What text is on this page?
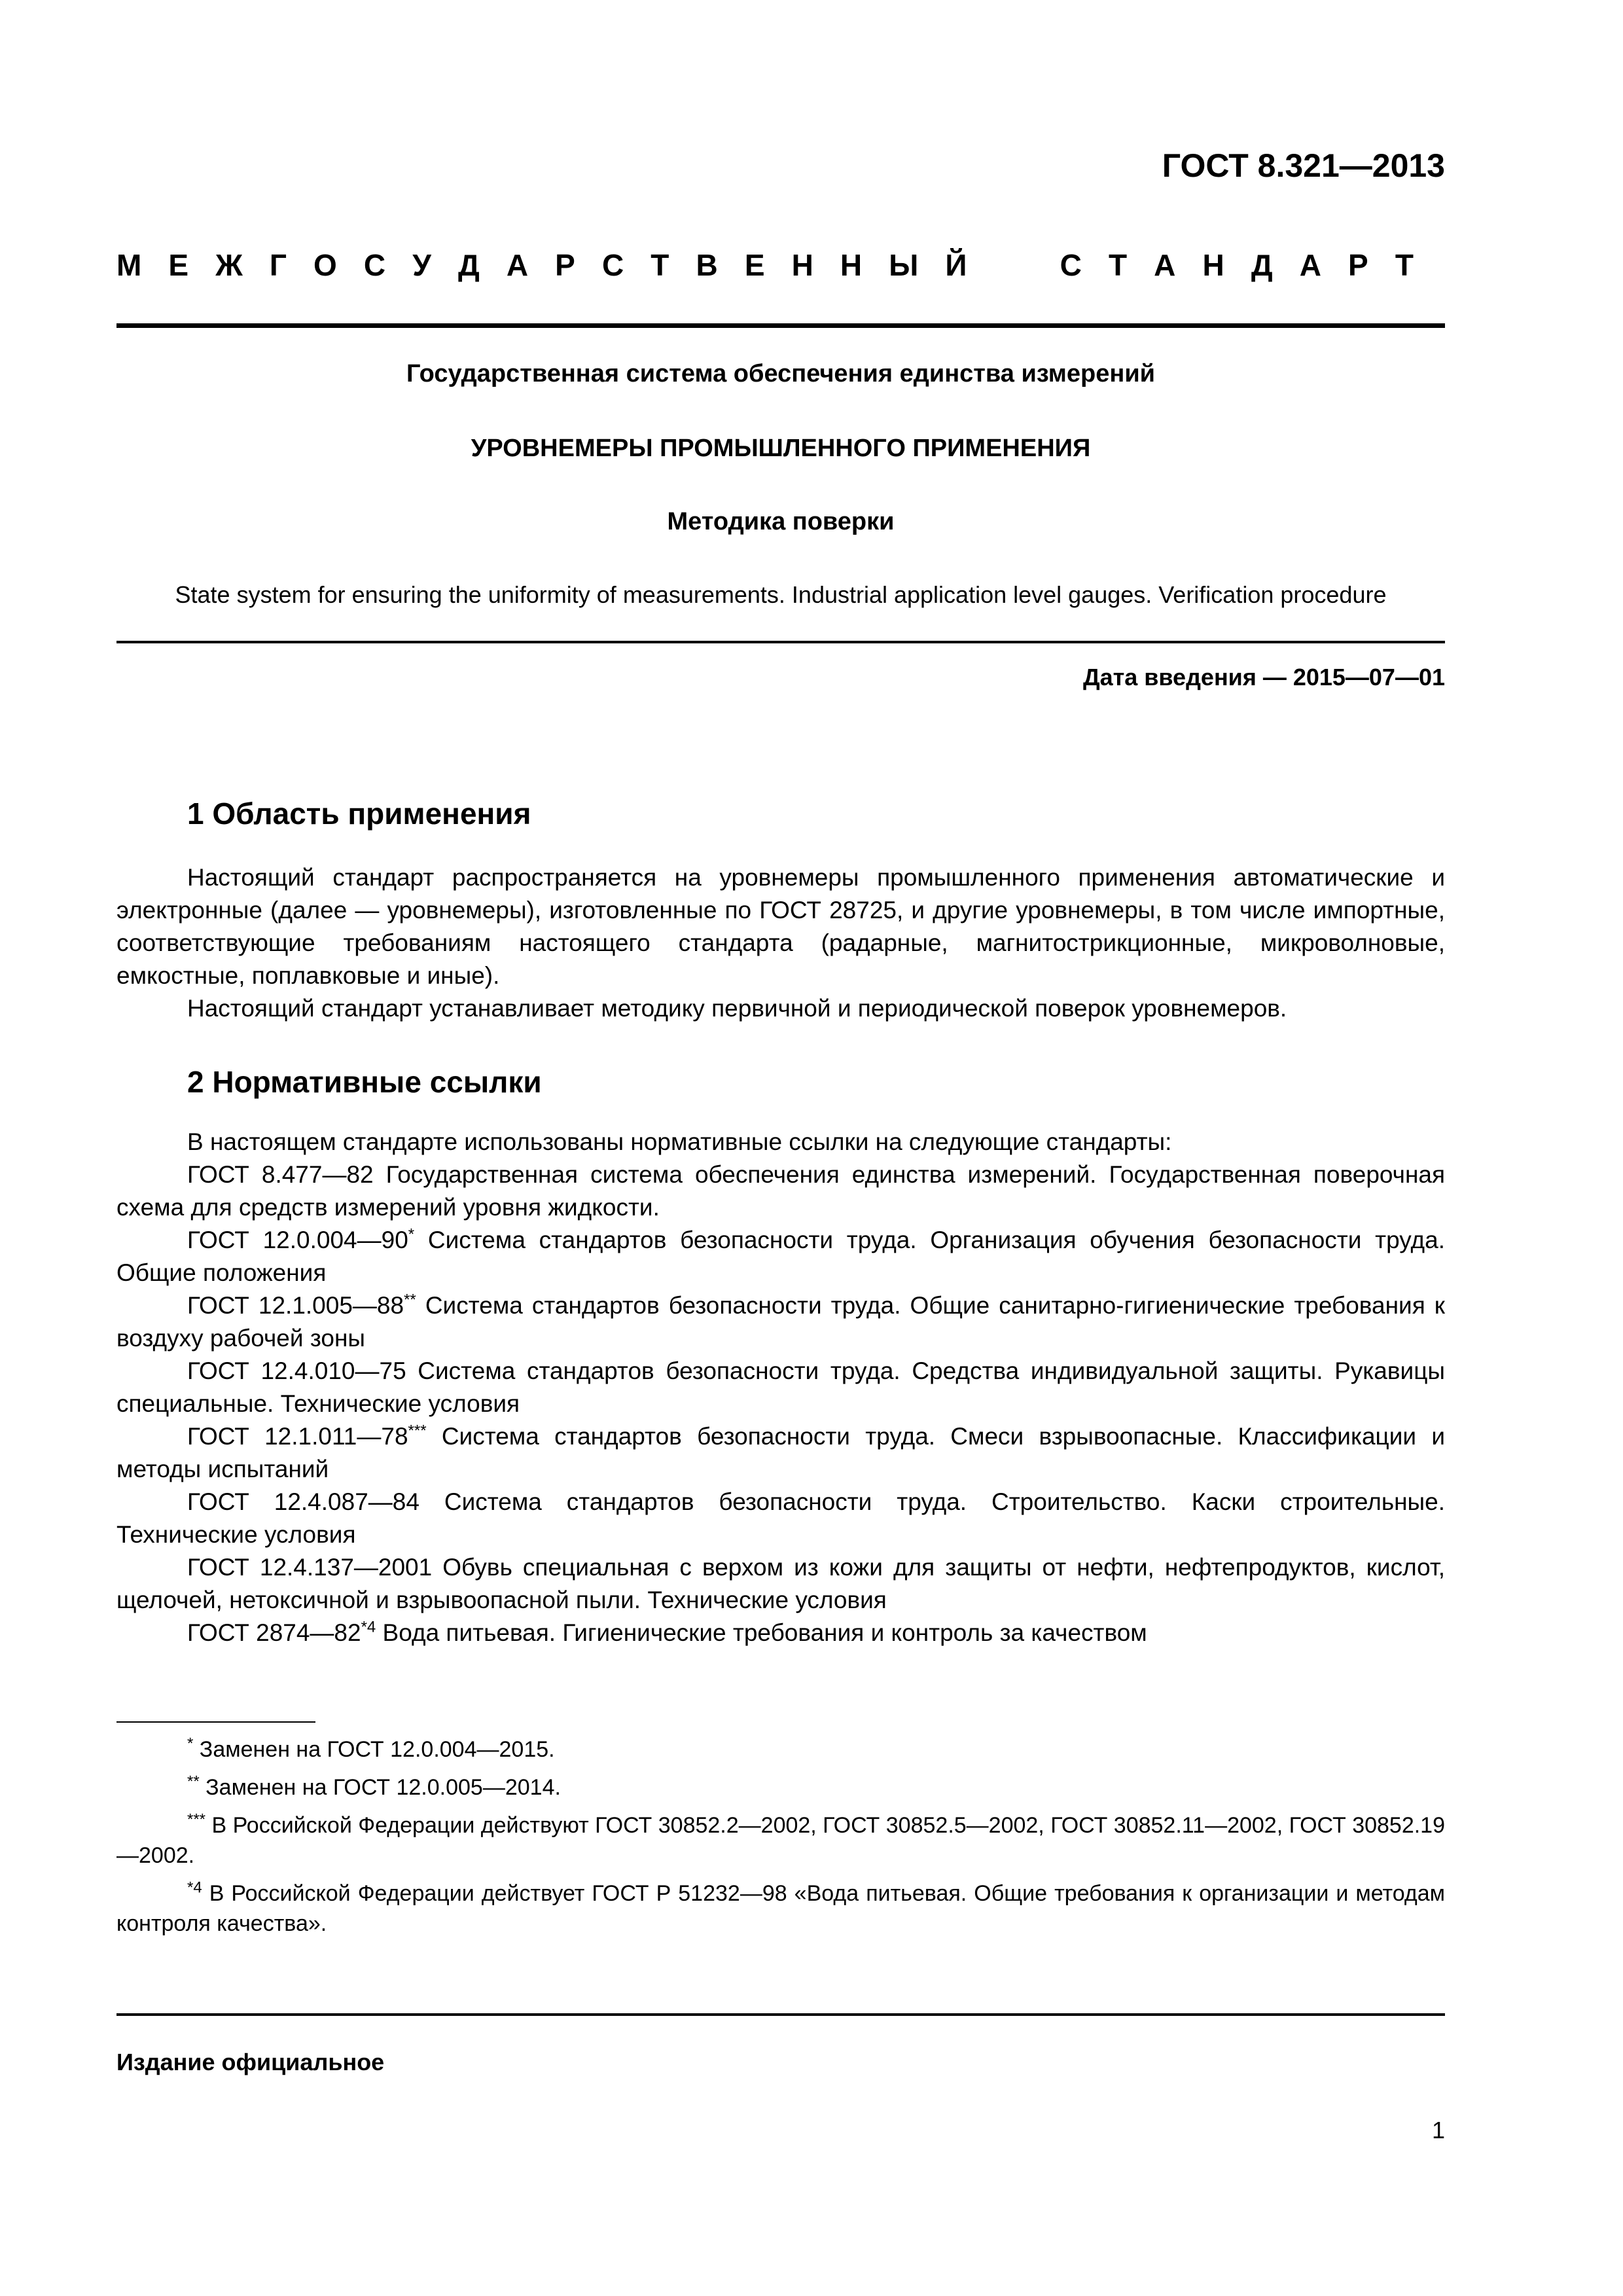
ГОСТ 8.321—2013
М Е Ж Г О С У Д А Р С Т В Е Н Н Ы Й	С Т А Н Д А Р Т

Государственная система обеспечения единства измерений

УРОВНЕМЕРЫ ПРОМЫШЛЕННОГО ПРИМЕНЕНИЯ

Методика поверки

State system for ensuring the uniformity of measurements. Industrial application level gauges. Verification procedure

Дата введения — 2015—07—01

1 Область применения

Настоящий стандарт распространяется на уровнемеры промышленного применения автоматические и электронные (далее — уровнемеры), изготовленные по ГОСТ 28725, и другие уровнемеры, в том числе импортные, соответствующие требованиям настоящего стандарта (радарные, магнитострикционные, микроволновые, емкостные, поплавковые и иные).

Настоящий стандарт устанавливает методику первичной и периодической поверок уровнемеров.

2 Нормативные ссылки

В настоящем стандарте использованы нормативные ссылки на следующие стандарты:

ГОСТ 8.477—82 Государственная система обеспечения единства измерений. Государственная поверочная схема для средств измерений уровня жидкости.

ГОСТ 12.0.004—90* Система стандартов безопасности труда. Организация обучения безопасности труда. Общие положения

ГОСТ 12.1.005—88** Система стандартов безопасности труда. Общие санитарно-гигиенические требования к воздуху рабочей зоны

ГОСТ 12.4.010—75 Система стандартов безопасности труда. Средства индивидуальной защиты. Рукавицы специальные. Технические условия

ГОСТ 12.1.011—78*** Система стандартов безопасности труда. Смеси взрывоопасные. Классификации и методы испытаний

ГОСТ 12.4.087—84 Система стандартов безопасности труда. Строительство. Каски строительные. Технические условия

ГОСТ 12.4.137—2001 Обувь специальная с верхом из кожи для защиты от нефти, нефтепродуктов, кислот, щелочей, нетоксичной и взрывоопасной пыли. Технические условия

ГОСТ 2874—82$^{*4}$ Вода питьевая. Гигиенические требования и контроль за качеством

* Заменен на ГОСТ 12.0.004—2015.

** Заменен на ГОСТ 12.0.005—2014.

*** В Российской Федерации действуют ГОСТ 30852.2—2002, ГОСТ 30852.5—2002, ГОСТ 30852.11—2002, ГОСТ 30852.19—2002.

$^{*4}$ В Российской Федерации действует ГОСТ Р 51232—98 «Вода питьевая. Общие требования к организации и методам контроля качества».

Издание официальное

1
